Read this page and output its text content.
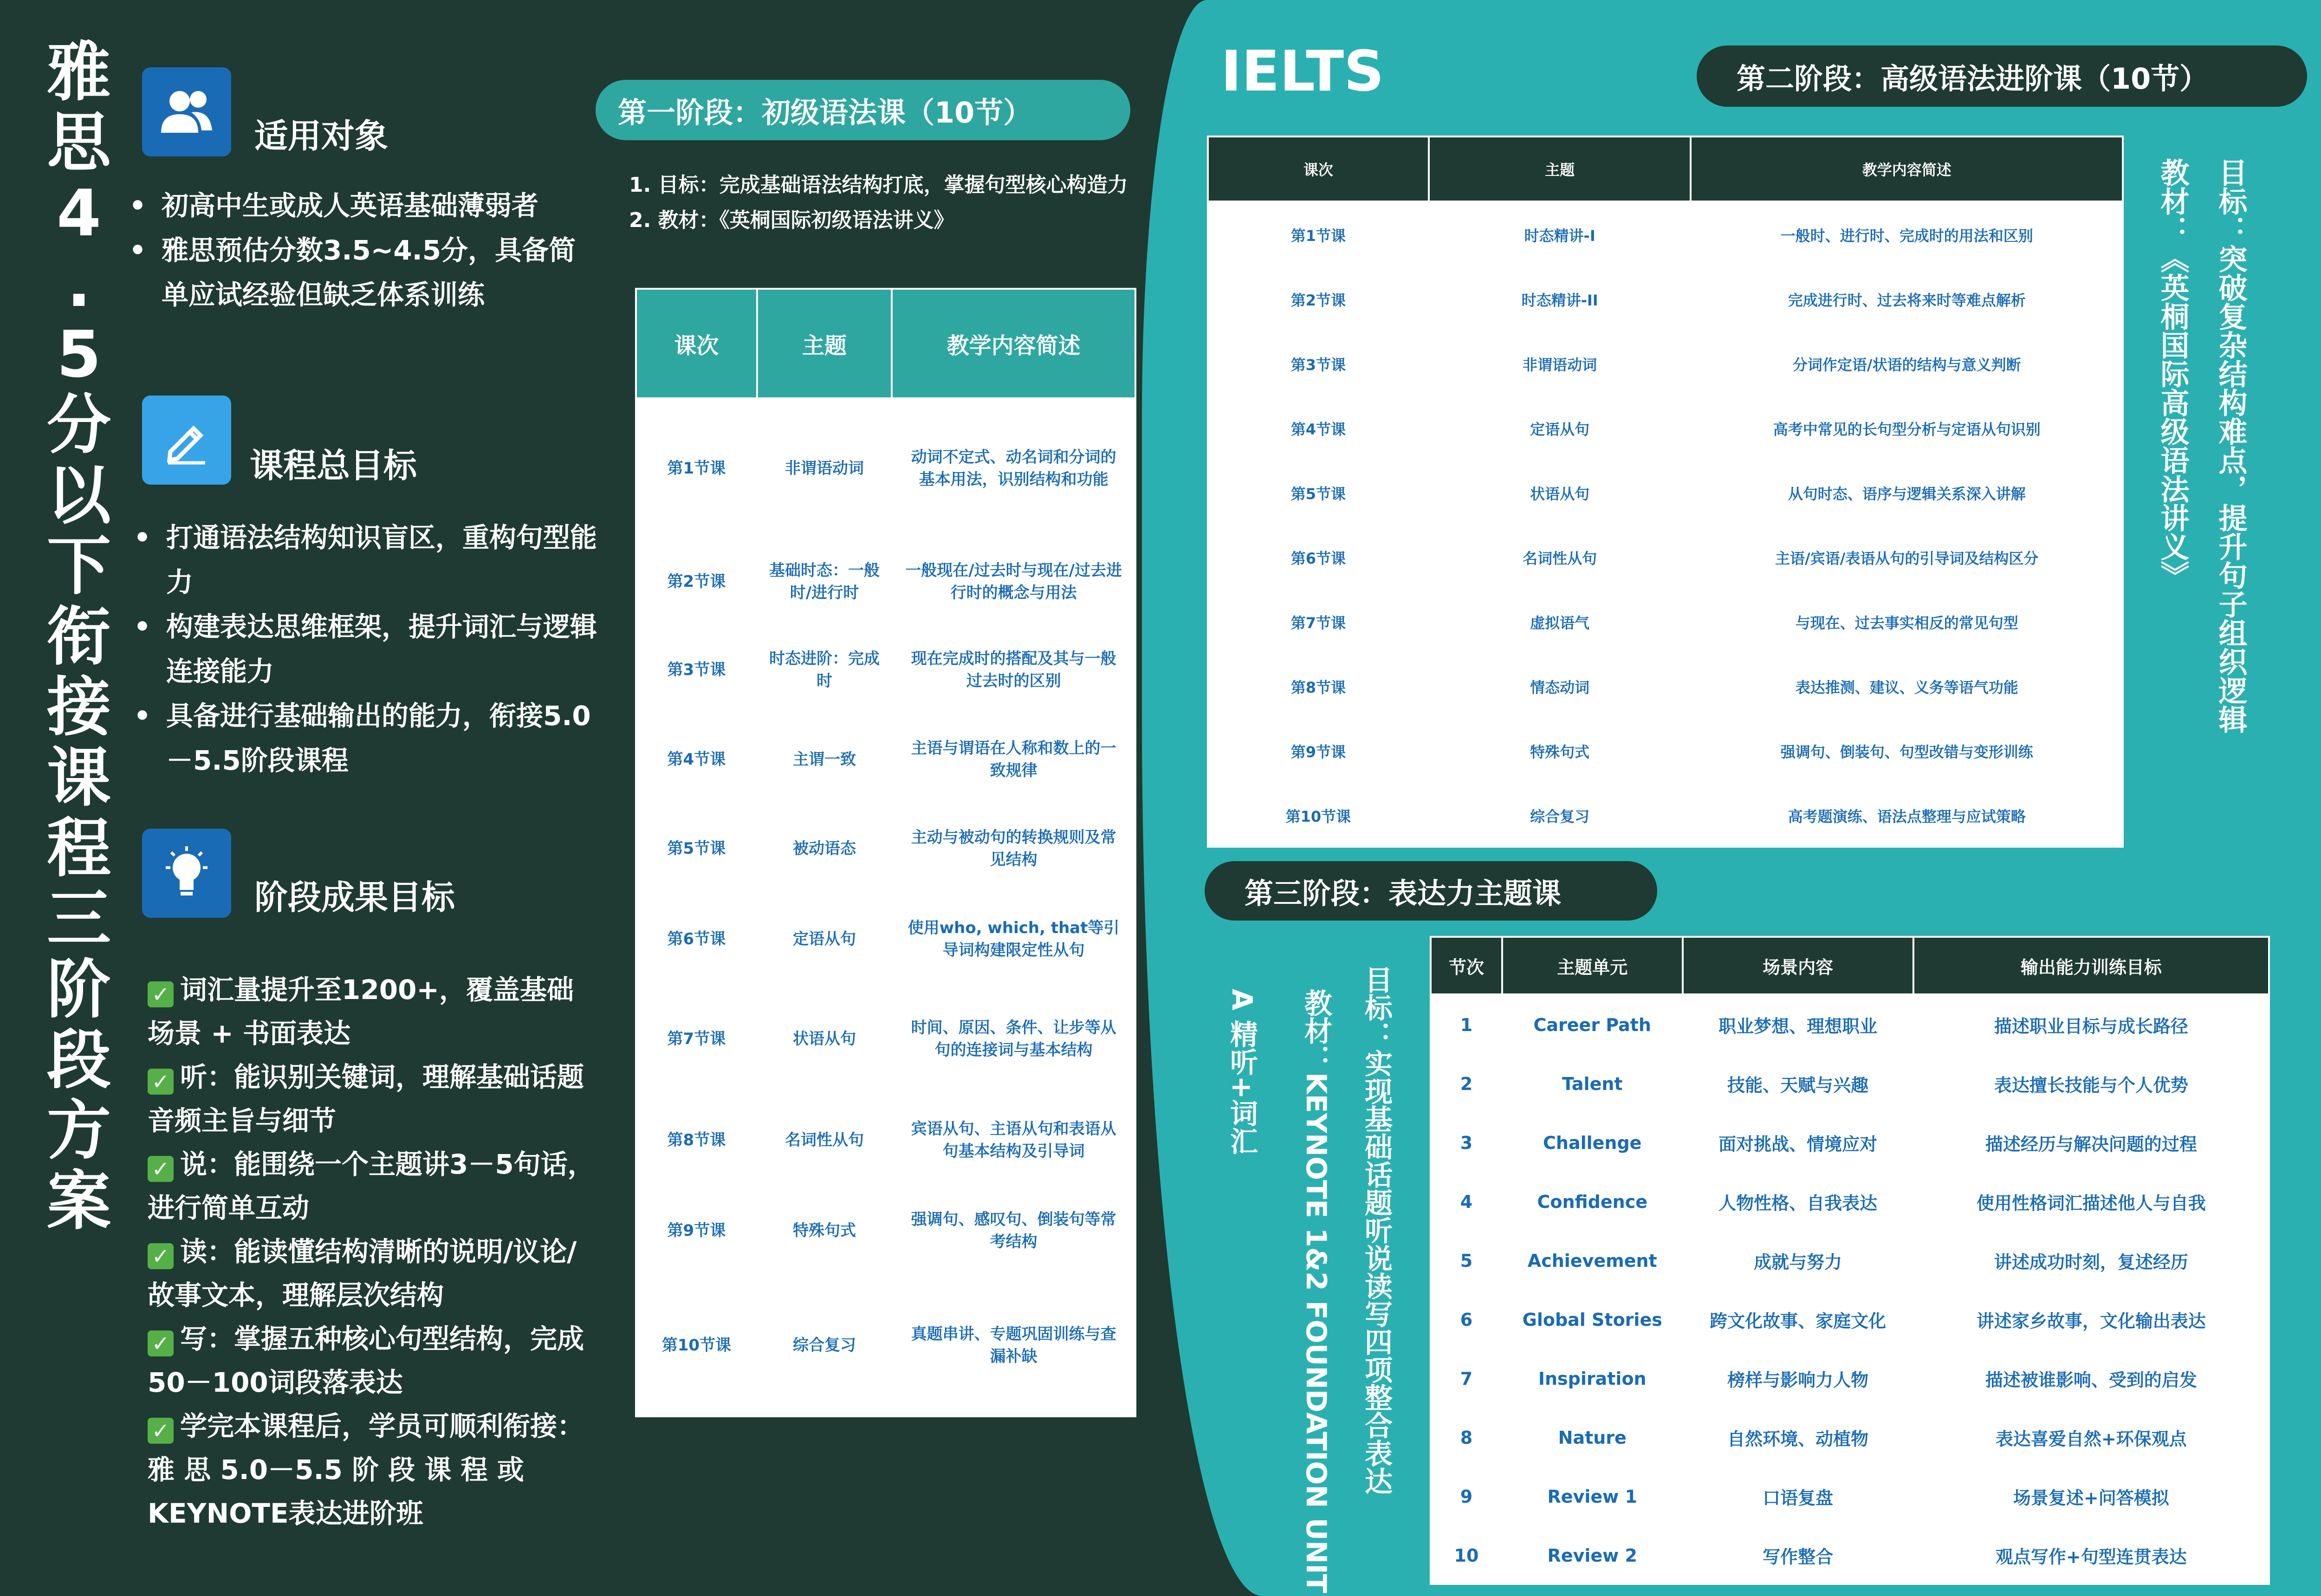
雅
思
4
.
5
分
以
下
衔
接
课
程
三
阶
段
方
案
适用对象
• 初高中生或成人英语基础薄弱者
• 雅思预估分数3.5~4.5分，具备简单应试经验但缺乏体系训练
课程总目标
• 打通语法结构知识盲区，重构句型能力
• 构建表达思维框架，提升词汇与逻辑连接能力
• 具备进行基础输出的能力，衔接5.0－5.5阶段课程
阶段成果目标
✓ 词汇量提升至1200+，覆盖基础场景 + 书面表达
✓ 听：能识别关键词，理解基础话题音频主旨与细节
✓ 说：能围绕一个主题讲3－5句话，进行简单互动
✓ 读：能读懂结构清晰的说明/议论/故事文本，理解层次结构
✓ 写：掌握五种核心句型结构，完成50－100词段落表达
✓ 学完本课程后，学员可顺利衔接：雅 思 5.0－5.5 阶 段 课 程 或 KEYNOTE表达进阶班
第一阶段：初级语法课（10节）
1. 目标：完成基础语法结构打底，掌握句型核心构造力
2. 教材：《英桐国际初级语法讲义》
课次	主题	教学内容简述
第1节课	非谓语动词	动词不定式、动名词和分词的基本用法，识别结构和功能
第2节课	基础时态：一般时/进行时	一般现在/过去时与现在/过去进行时的概念与用法
第3节课	时态进阶：完成时	现在完成时的搭配及其与一般过去时的区别
第4节课	主谓一致	主语与谓语在人称和数上的一致规律
第5节课	被动语态	主动与被动句的转换规则及常见结构
第6节课	定语从句	使用who, which, that等引导词构建限定性从句
第7节课	状语从句	时间、原因、条件、让步等从句的连接词与基本结构
第8节课	名词性从句	宾语从句、主语从句和表语从句基本结构及引导词
第9节课	特殊句式	强调句、感叹句、倒装句等常考结构
第10节课	综合复习	真题串讲、专题巩固训练与查漏补缺
IELTS	第二阶段：高级语法进阶课（10节）
课次	主题	教学内容简述
第1节课	时态精讲-I	一般时、进行时、完成时的用法和区别
第2节课	时态精讲-II	完成进行时、过去将来时等难点解析
第3节课	非谓语动词	分词作定语/状语的结构与意义判断
第4节课	定语从句	高考中常见的长句型分析与定语从句识别
第5节课	状语从句	从句时态、语序与逻辑关系深入讲解
第6节课	名词性从句	主语/宾语/表语从句的引导词及结构区分
第7节课	虚拟语气	与现在、过去事实相反的常见句型
第8节课	情态动词	表达推测、建议、义务等语气功能
第9节课	特殊句式	强调句、倒装句、句型改错与变形训练
第10节课	综合复习	高考题演练、语法点整理与应试策略
目标：突破复杂结构难点，提升句子组织逻辑
教材：《英桐国际高级语法讲义》
第三阶段：表达力主题课
目标：实现基础话题听说读写四项整合表达
教材：KEYNOTE 1&2 FOUNDATION UNIT A 精听+词汇
节次	主题单元	场景内容	输出能力训练目标
1	Career Path	职业梦想、理想职业	描述职业目标与成长路径
2	Talent	技能、天赋与兴趣	表达擅长技能与个人优势
3	Challenge	面对挑战、情境应对	描述经历与解决问题的过程
4	Confidence	人物性格、自我表达	使用性格词汇描述他人与自我
5	Achievement	成就与努力	讲述成功时刻，复述经历
6	Global Stories	跨文化故事、家庭文化	讲述家乡故事，文化输出表达
7	Inspiration	榜样与影响力人物	描述被谁影响、受到的启发
8	Nature	自然环境、动植物	表达喜爱自然+环保观点
9	Review 1	口语复盘	场景复述+问答模拟
10	Review 2	写作整合	观点写作+句型连贯表达
